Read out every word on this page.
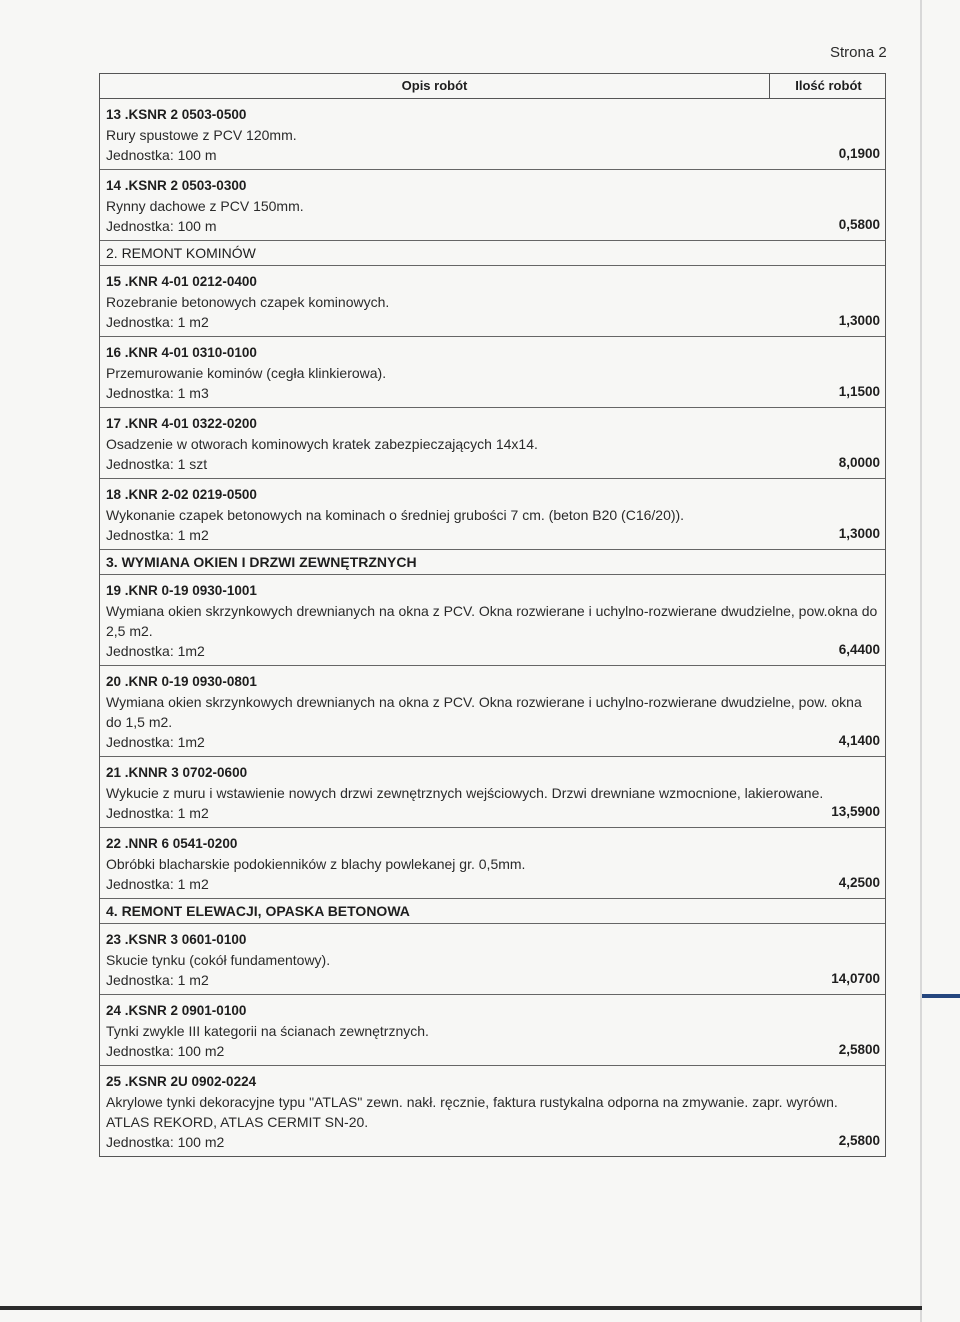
Strona 2
Opis robót	Ilość robót
13 .KSNR 2 0503-0500
Rury spustowe z PCV 120mm.
Jednostka: 100 m	0,1900
14 .KSNR 2 0503-0300
Rynny dachowe z PCV 150mm.
Jednostka: 100 m	0,5800
2. REMONT KOMINÓW
15 .KNR 4-01 0212-0400
Rozebranie betonowych czapek kominowych.
Jednostka: 1 m2	1,3000
16 .KNR 4-01 0310-0100
Przemurowanie kominów (cegła klinkierowa).
Jednostka: 1 m3	1,1500
17 .KNR 4-01 0322-0200
Osadzenie w otworach kominowych kratek zabezpieczających 14x14.
Jednostka: 1 szt	8,0000
18 .KNR 2-02 0219-0500
Wykonanie czapek betonowych na kominach o średniej grubości 7 cm. (beton B20 (C16/20)).
Jednostka: 1 m2	1,3000
3. WYMIANA OKIEN I DRZWI ZEWNĘTRZNYCH
19 .KNR 0-19 0930-1001
Wymiana okien skrzynkowych drewnianych na okna z PCV. Okna rozwierane i uchylno-rozwierane dwudzielne, pow.okna do 2,5 m2.
Jednostka: 1m2	6,4400
20 .KNR 0-19 0930-0801
Wymiana okien skrzynkowych drewnianych na okna z PCV. Okna rozwierane i uchylno-rozwierane dwudzielne, pow. okna do 1,5 m2.
Jednostka: 1m2	4,1400
21 .KNNR 3 0702-0600
Wykucie z muru i wstawienie nowych drzwi zewnętrznych wejściowych. Drzwi drewniane wzmocnione, lakierowane.
Jednostka: 1 m2	13,5900
22 .NNR 6 0541-0200
Obróbki blacharskie podokienników z blachy powlekanej gr. 0,5mm.
Jednostka: 1 m2	4,2500
4. REMONT ELEWACJI, OPASKA BETONOWA
23 .KSNR 3 0601-0100
Skucie tynku (cokół fundamentowy).
Jednostka: 1 m2	14,0700
24 .KSNR 2 0901-0100
Tynki zwykle III kategorii na ścianach zewnętrznych.
Jednostka: 100 m2	2,5800
25 .KSNR 2U 0902-0224
Akrylowe tynki dekoracyjne typu "ATLAS" zewn. nakł. ręcznie, faktura rustykalna odporna na zmywanie. zapr. wyrówn. ATLAS REKORD, ATLAS CERMIT SN-20.
Jednostka: 100 m2	2,5800
